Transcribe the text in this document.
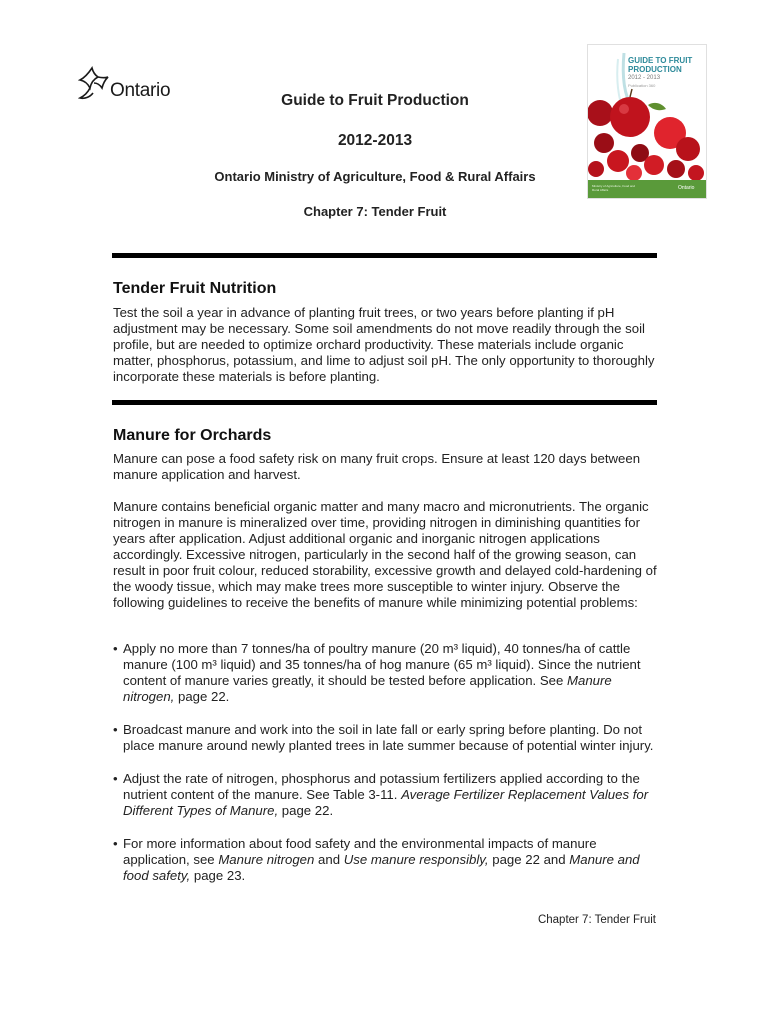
Ontario	Guide to Fruit Production
2012-2013
Ontario Ministry of Agriculture, Food & Rural Affairs
Chapter 7: Tender Fruit
GUIDE TO FRUIT PRODUCTION
2012 - 2013
Publication 360
Ministry of Agriculture, Food and Rural Affairs	Ontario
Tender Fruit Nutrition
Test the soil a year in advance of planting fruit trees, or two years before planting if pH adjustment may be necessary. Some soil amendments do not move readily through the soil profile, but are needed to optimize orchard productivity. These materials include organic matter, phosphorus, potassium, and lime to adjust soil pH. The only opportunity to thoroughly incorporate these materials is before planting.
Manure for Orchards
Manure can pose a food safety risk on many fruit crops. Ensure at least 120 days between manure application and harvest.
Manure contains beneficial organic matter and many macro and micronutrients. The organic nitrogen in manure is mineralized over time, providing nitrogen in diminishing quantities for years after application. Adjust additional organic and inorganic nitrogen applications accordingly. Excessive nitrogen, particularly in the second half of the growing season, can result in poor fruit colour, reduced storability, excessive growth and delayed cold-hardening of the woody tissue, which may make trees more susceptible to winter injury. Observe the following guidelines to receive the benefits of manure while minimizing potential problems:
• Apply no more than 7 tonnes/ha of poultry manure (20 m³ liquid), 40 tonnes/ha of cattle manure (100 m³ liquid) and 35 tonnes/ha of hog manure (65 m³ liquid). Since the nutrient content of manure varies greatly, it should be tested before application. See Manure nitrogen, page 22.

• Broadcast manure and work into the soil in late fall or early spring before planting. Do not place manure around newly planted trees in late summer because of potential winter injury.

• Adjust the rate of nitrogen, phosphorus and potassium fertilizers applied according to the nutrient content of the manure. See Table 3-11. Average Fertilizer Replacement Values for Different Types of Manure, page 22.

• For more information about food safety and the environmental impacts of manure application, see Manure nitrogen and Use manure responsibly, page 22 and Manure and food safety, page 23.

Chapter 7: Tender Fruit
